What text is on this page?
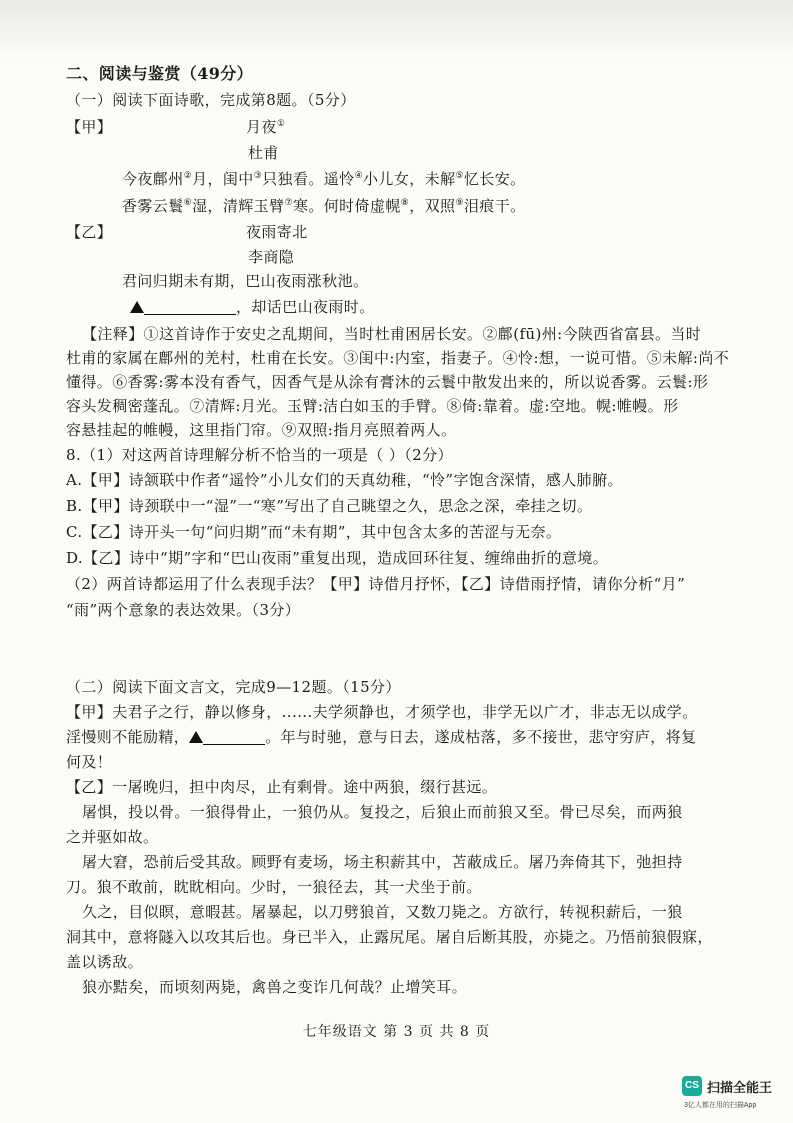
二、阅读与鉴赏（49分）
（一）阅读下面诗歌，完成第8题。（5分）
【甲】	月夜①
杜甫
今夜鄜州②月，闺中③只独看。遥怜④小儿女，未解⑤忆长安。
香雾云鬟⑥湿，清辉玉臂⑦寒。何时倚虚幌⑧，双照⑨泪痕干。
【乙】	夜雨寄北
李商隐
君问归期未有期，巴山夜雨涨秋池。
，却话巴山夜雨时。
【注释】①这首诗作于安史之乱期间，当时杜甫困居长安。②鄜(fū)州:今陕西省富县。当时
杜甫的家属在鄜州的羌村，杜甫在长安。③闺中:内室，指妻子。④怜:想，一说可惜。⑤未解:尚不
懂得。⑥香雾:雾本没有香气，因香气是从涂有膏沐的云鬟中散发出来的，所以说香雾。云鬟:形
容头发稠密蓬乱。⑦清辉:月光。玉臂:洁白如玉的手臂。⑧倚:靠着。虚:空地。幌:帷幔。形
容悬挂起的帷幔，这里指门帘。⑨双照:指月亮照着两人。
8.（1）对这两首诗理解分析不恰当的一项是（ ）（2分）
A.【甲】诗颔联中作者“遥怜”小儿女们的天真幼稚，“怜”字饱含深情，感人肺腑。
B.【甲】诗颈联中一“湿”一“寒”写出了自己眺望之久，思念之深，牵挂之切。
C.【乙】诗开头一句“问归期”而“未有期”，其中包含太多的苦涩与无奈。
D.【乙】诗中“期”字和“巴山夜雨”重复出现，造成回环往复、缠绵曲折的意境。
（2）两首诗都运用了什么表现手法？【甲】诗借月抒怀，【乙】诗借雨抒情，请你分析“月”
“雨”两个意象的表达效果。（3分）
（二）阅读下面文言文，完成9—12题。（15分）
【甲】夫君子之行，静以修身，......夫学须静也，才须学也，非学无以广才，非志无以成学。
淫慢则不能励精，	。年与时驰，意与日去，遂成枯落，多不接世，悲守穷庐，将复
何及！
【乙】一屠晚归，担中肉尽，止有剩骨。途中两狼，缀行甚远。
屠惧，投以骨。一狼得骨止，一狼仍从。复投之，后狼止而前狼又至。骨已尽矣，而两狼
之并驱如故。
屠大窘，恐前后受其敌。顾野有麦场，场主积薪其中，苫蔽成丘。屠乃奔倚其下，弛担持
刀。狼不敢前，眈眈相向。少时，一狼径去，其一犬坐于前。
久之，目似瞑，意暇甚。屠暴起，以刀劈狼首，又数刀毙之。方欲行，转视积薪后，一狼
洞其中，意将隧入以攻其后也。身已半入，止露尻尾。屠自后断其股，亦毙之。乃悟前狼假寐，
盖以诱敌。
狼亦黠矣，而顷刻两毙，禽兽之变诈几何哉？止增笑耳。
七年级语文 第 3 页 共 8 页
CS 扫描全能王
3亿人都在用的扫描App
